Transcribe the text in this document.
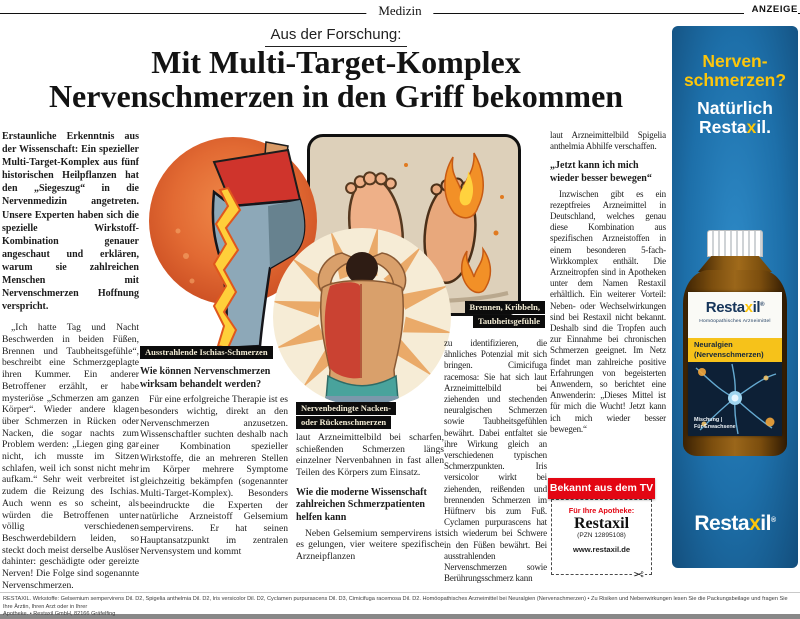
Medizin	ANZEIGE
Aus der Forschung:
Mit Multi-Target-Komplex
Nervenschmerzen in den Griff bekommen
Ausstrahlende Ischias-Schmerzen
Nervenbedingte Nacken-
oder Rückenschmerzen
Brennen, Kribbeln,
Taubheitsgefühle

Erstaunliche Erkenntnis aus der Wissenschaft: Ein spezieller Multi-Target-Komplex aus fünf historischen Heilpflanzen hat den „Siegeszug“ in die Nervenmedizin angetreten. Unsere Experten haben sich die spezielle Wirkstoff-Kombination genauer angeschaut und erklären, warum sie zahlreichen Menschen mit Nervenschmerzen Hoffnung verspricht.

„Ich hatte Tag und Nacht Beschwerden in beiden Füßen, Brennen und Taubheitsgefühle“, beschreibt eine Schmerzgeplagte ihren Kummer. Ein anderer Betroffener erzählt, er habe mysteriöse „Schmerzen am ganzen Körper“. Wieder andere klagen über Schmerzen in Rücken oder Nacken, die sogar nachts zum Problem werden: „Liegen ging gar nicht, ich musste im Sitzen schlafen, weil ich sonst nicht mehr aufkam.“ Sehr weit verbreitet ist zudem die Reizung des Ischias. Auch wenn es so scheint, als würden die Betroffenen unter völlig verschiedenen Beschwerdebildern leiden, so steckt doch meist derselbe Auslöser dahinter: geschädigte oder gereizte Nerven! Die Folge sind sogenannte Nervenschmerzen.

Wie können Nervenschmerzen wirksam behandelt werden?

Für eine erfolgreiche Therapie ist es besonders wichtig, direkt an den Nervenschmerzen anzusetzen. Wissenschaftler suchten deshalb nach einer Kombination spezieller Wirkstoffe, die an mehreren Stellen im Körper mehrere Symptome gleichzeitig bekämpfen (sogenannter Multi-Target-Komplex). Besonders beeindruckte die Experten der natürliche Arzneistoff Gelsemium sempervirens. Er hat seinen Hauptansatzpunkt im zentralen Nervensystem und kommt

laut Arzneimittelbild bei scharfen, schießenden Schmerzen längs einzelner Nervenbahnen in fast allen Teilen des Körpers zum Einsatz.

Wie die moderne Wissenschaft zahlreichen Schmerzpatienten helfen kann

Neben Gelsemium sempervirens ist es gelungen, vier weitere spezifische Arzneipflanzen

zu identifizieren, die ähnliches Potenzial mit sich bringen. Cimicifuga racemosa: Sie hat sich laut Arzneimittelbild bei ziehenden und stechenden neuralgischen Schmerzen sowie Taubheitsgefühlen bewährt. Dabei entfaltet sie ihre Wirkung gleich an verschiedenen typischen Schmerzpunkten. Iris versicolor wirkt bei ziehenden, reißenden und brennenden Schmerzen im Hüftnerv bis zum Fuß. Cyclamen purpurascens hat sich wiederum bei Schwere in den Füßen bewährt. Bei ausstrahlenden Nervenschmerzen sowie Berührungsschmerz kann

laut Arzneimittelbild Spigelia anthelmia Abhilfe verschaffen.

„Jetzt kann ich mich wieder besser bewegen“

Inzwischen gibt es ein rezeptfreies Arzneimittel in Deutschland, welches genau diese Kombination aus spezifischen Arzneistoffen in einem besonderen 5-fach-Wirkkomplex enthält. Die Arzneitropfen sind in Apotheken unter dem Namen Restaxil erhältlich. Ein weiterer Vorteil: Neben- oder Wechselwirkungen sind bei Restaxil nicht bekannt. Deshalb sind die Tropfen auch zur Einnahme bei chronischen Schmerzen geeignet. Im Netz findet man zahlreiche positive Erfahrungen von begeisterten Anwendern, so berichtet eine Anwenderin: „Dieses Mittel ist für mich die Wucht! Jetzt kann ich mich wieder besser bewegen.“

Bekannt aus dem TV
Für Ihre Apotheke:
Restaxil
(PZN 12895108)
www.restaxil.de
✂
Nerven-
schmerzen?
Natürlich
Restaxil.
Restaxil®
Homöopathisches Arzneimittel
Neuralgien
(Nervenschmerzen)
Mischung |
Für Erwachsene
Restaxil®
RESTAXIL. Wirkstoffe: Gelsemium sempervirens Dil. D2, Spigelia anthelmia Dil. D2, Iris versicolor Dil. D2, Cyclamen purpurascens Dil. D3, Cimicifuga racemosa Dil. D2. Homöopathisches Arzneimittel bei Neuralgien (Nervenschmerzen) • Zu Risiken und Nebenwirkungen lesen Sie die Packungsbeilage und fragen Sie Ihre Ärztin, Ihren Arzt oder in Ihrer
Apotheke. • Restaxil GmbH, 82166 Gräfelfing
